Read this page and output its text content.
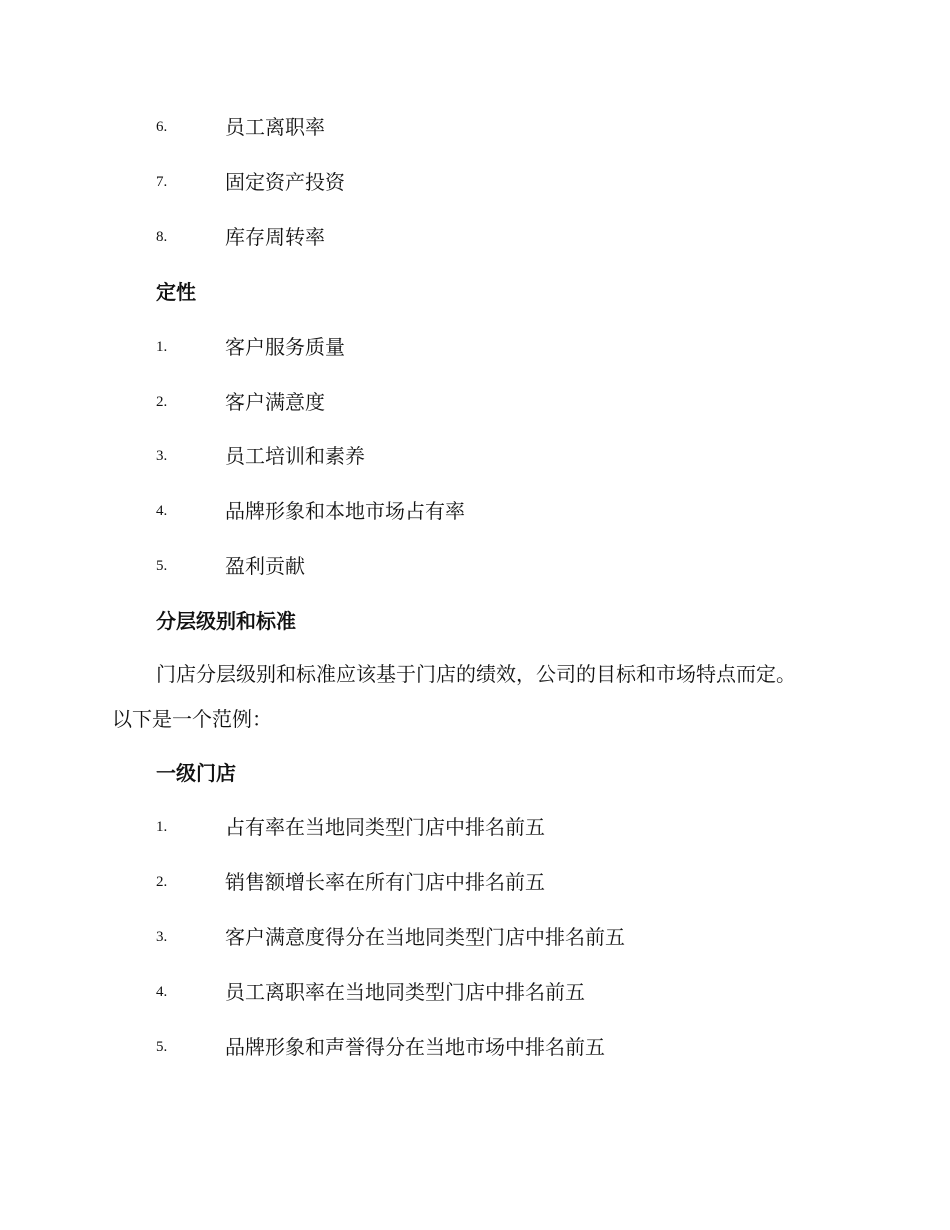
6.	员工离职率
7.	固定资产投资
8.	库存周转率
定性
1.	客户服务质量
2.	客户满意度
3.	员工培训和素养
4.	品牌形象和本地市场占有率
5.	盈利贡献
分层级别和标准
门店分层级别和标准应该基于门店的绩效，公司的目标和市场特点而定。以下是一个范例：
一级门店
1.	占有率在当地同类型门店中排名前五
2.	销售额增长率在所有门店中排名前五
3.	客户满意度得分在当地同类型门店中排名前五
4.	员工离职率在当地同类型门店中排名前五
5.	品牌形象和声誉得分在当地市场中排名前五
